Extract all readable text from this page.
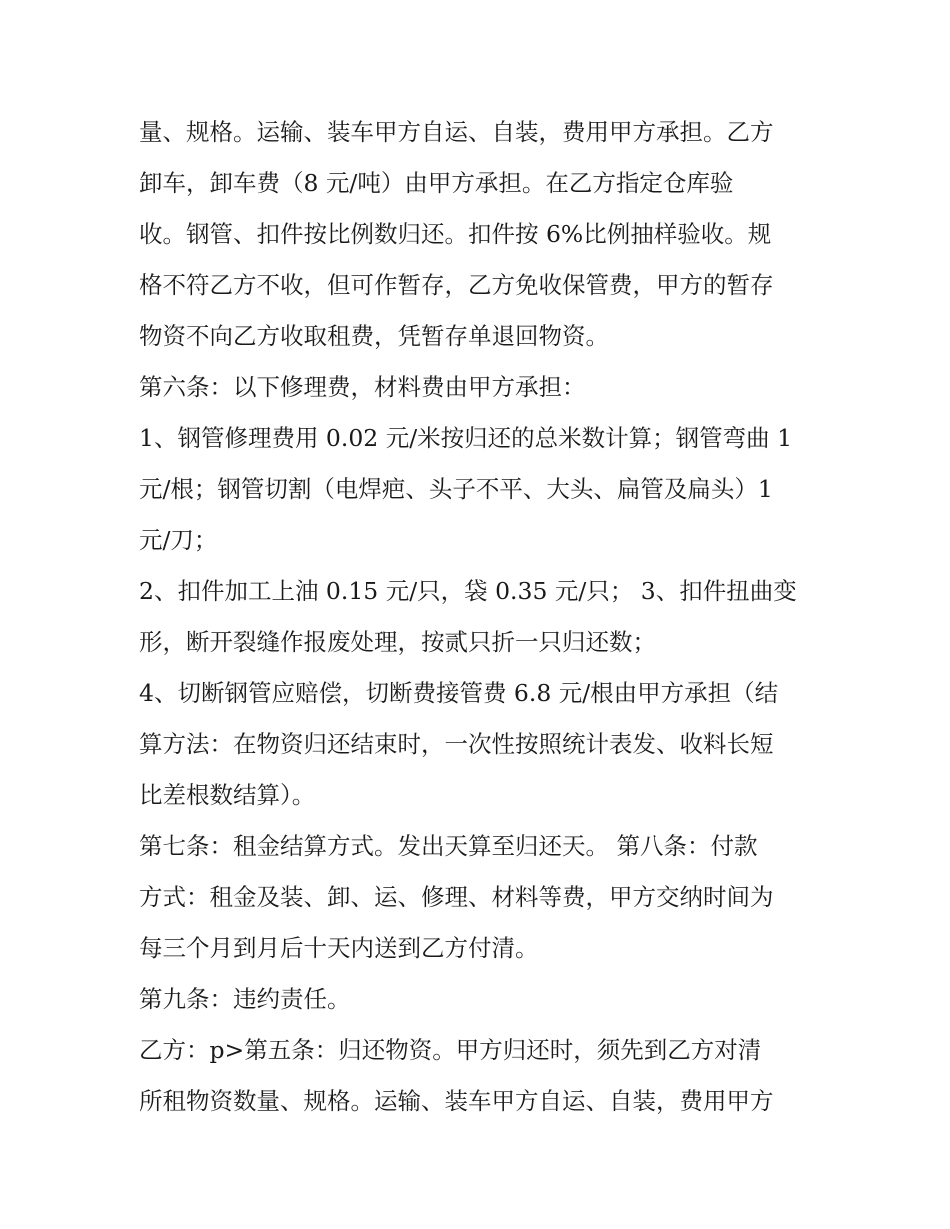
量、规格。运输、装车甲方自运、自装，费用甲方承担。乙方
卸车，卸车费（8 元/吨）由甲方承担。在乙方指定仓库验
收。钢管、扣件按比例数归还。扣件按 6%比例抽样验收。规
格不符乙方不收，但可作暂存，乙方免收保管费，甲方的暂存
物资不向乙方收取租费，凭暂存单退回物资。
第六条：以下修理费，材料费由甲方承担：
1、钢管修理费用 0.02 元/米按归还的总米数计算；钢管弯曲 1
元/根；钢管切割（电焊疤、头子不平、大头、扁管及扁头）1
元/刀；
2、扣件加工上油 0.15 元/只，袋 0.35 元/只； 3、扣件扭曲变
形，断开裂缝作报废处理，按贰只折一只归还数；
4、切断钢管应赔偿，切断费接管费 6.8 元/根由甲方承担（结
算方法：在物资归还结束时，一次性按照统计表发、收料长短
比差根数结算）。
第七条：租金结算方式。发出天算至归还天。 第八条：付款
方式：租金及装、卸、运、修理、材料等费，甲方交纳时间为
每三个月到月后十天内送到乙方付清。
第九条：违约责任。
乙方：p>第五条：归还物资。甲方归还时，须先到乙方对清
所租物资数量、规格。运输、装车甲方自运、自装，费用甲方
